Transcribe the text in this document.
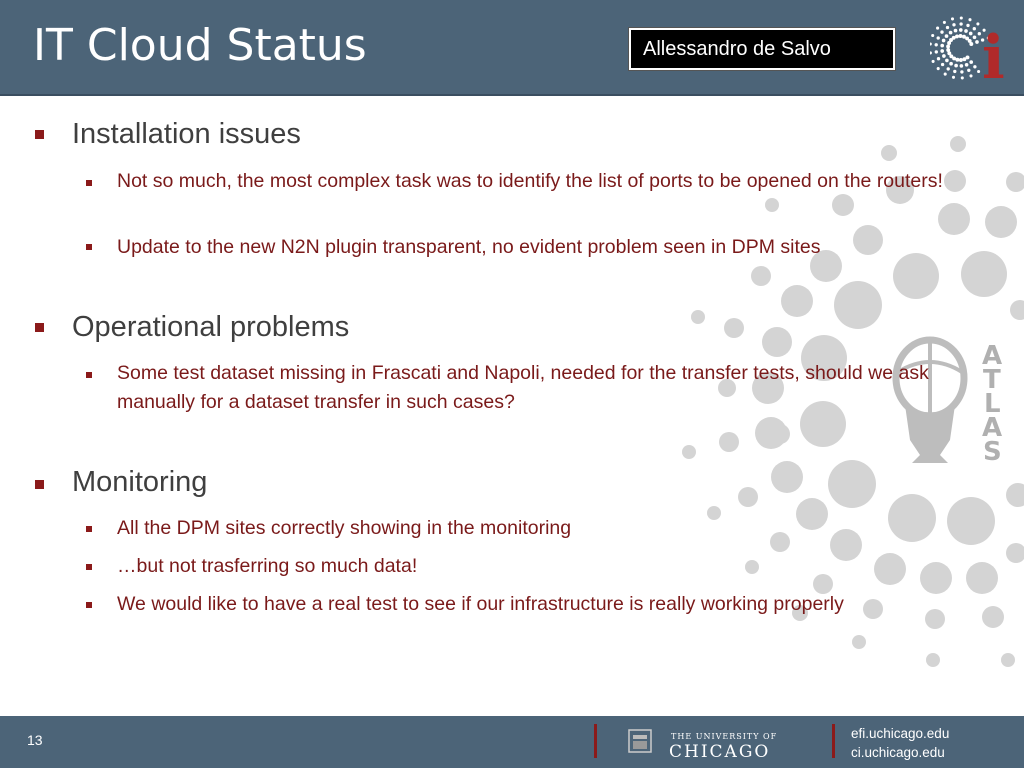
IT Cloud Status	Allessandro de Salvo	i
A
T
L
A
S
Installation issues
Not so much, the most complex task was to identify the list of ports to be opened on the routers!
Update to the new N2N plugin transparent, no evident problem seen in DPM sites
Operational problems
Some test dataset missing in Frascati and Napoli, needed for the transfer tests, should we ask manually for a dataset transfer in such cases?
Monitoring
All the DPM sites correctly showing in the monitoring
…but not trasferring so much data!
We would like to have a real test to see if our infrastructure is really working properly
13	THE UNIVERSITY OF
CHICAGO
efi.uchicago.edu
ci.uchicago.edu
